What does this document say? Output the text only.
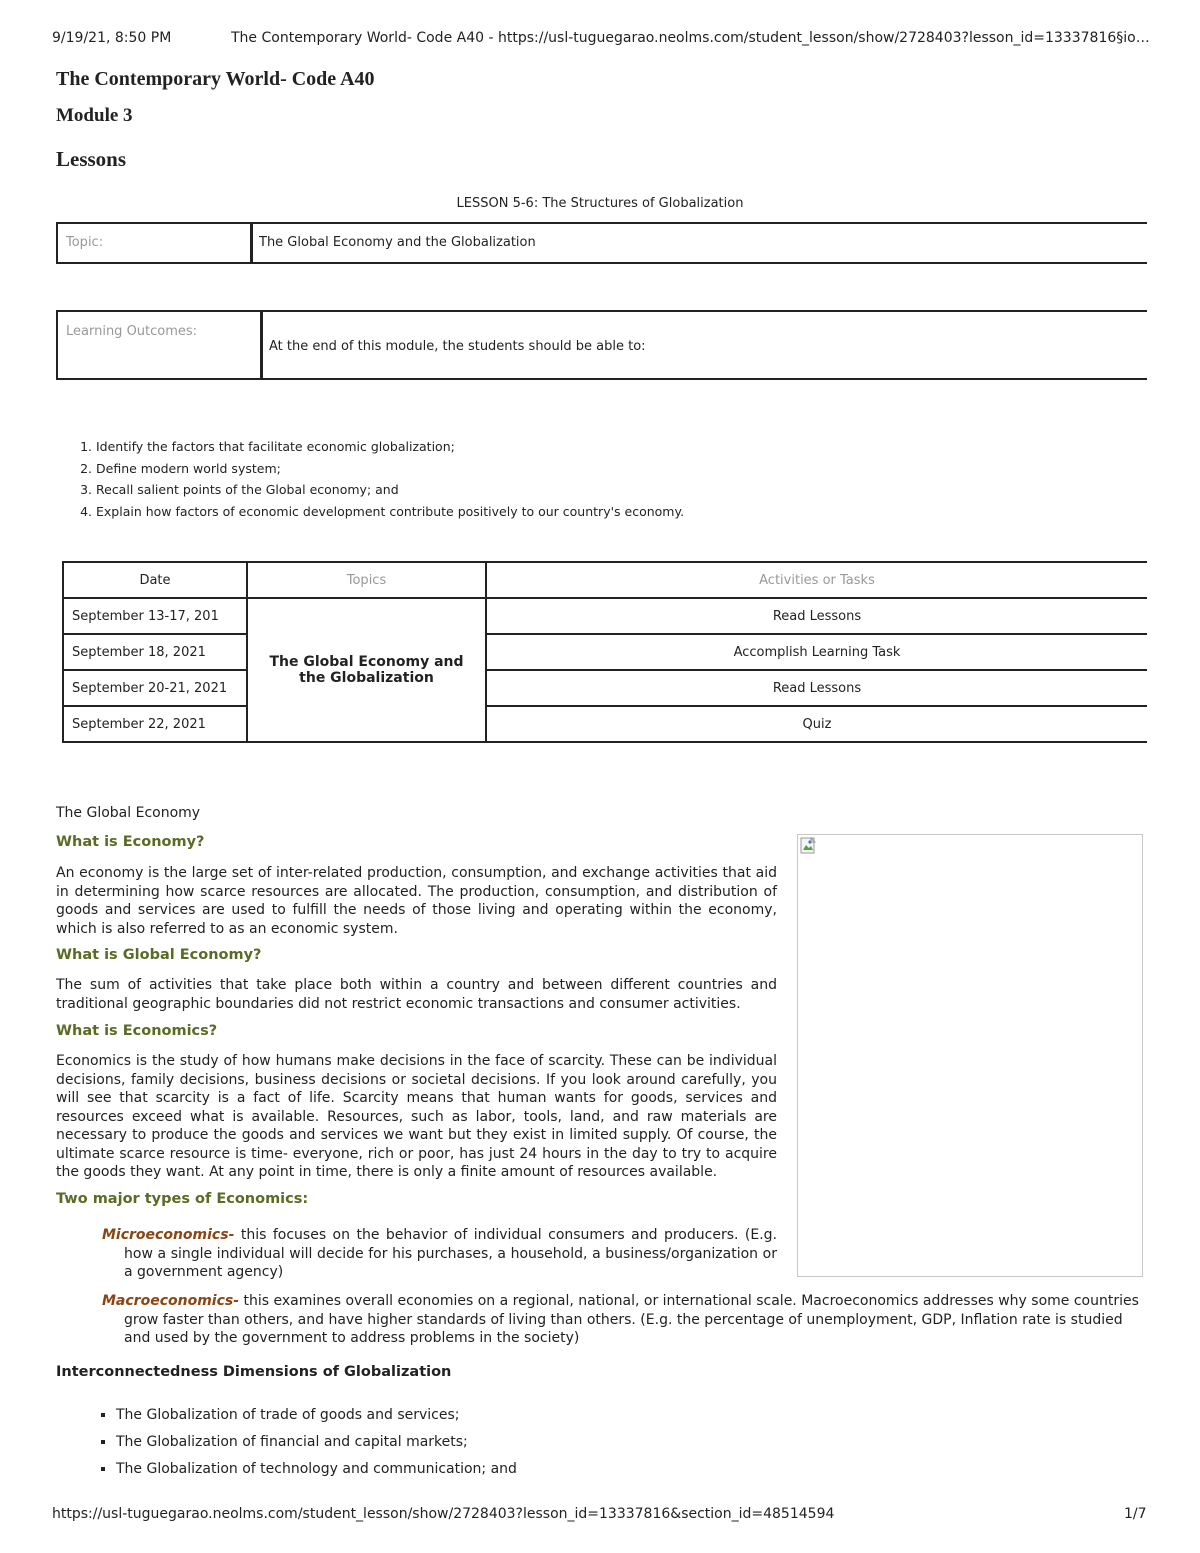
9/19/21, 8:50 PM	The Contemporary World- Code A40 - https://usl-tuguegarao.neolms.com/student_lesson/show/2728403?lesson_id=13337816§io…
The Contemporary World- Code A40
Module 3
Lessons
LESSON 5-6: The Structures of Globalization
Topic:	The Global Economy and the Globalization
Learning Outcomes:
At the end of this module, the students should be able to:
1. Identify the factors that facilitate economic globalization;
2. Define modern world system;
3. Recall salient points of the Global economy; and
4. Explain how factors of economic development contribute positively to our country's economy.
Date	Topics	Activities or Tasks
September 13-17, 201	The Global Economy and the Globalization	Read Lessons
September 18, 2021		Accomplish Learning Task
September 20-21, 2021		Read Lessons
September 22, 2021		Quiz
The Global Economy
What is Economy?
An economy is the large set of inter-related production, consumption, and exchange activities that aid in determining how scarce resources are allocated. The production, consumption, and distribution of goods and services are used to fulfill the needs of those living and operating within the economy, which is also referred to as an economic system.
What is Global Economy?
The sum of activities that take place both within a country and between different countries and traditional geographic boundaries did not restrict economic transactions and consumer activities.
What is Economics?
Economics is the study of how humans make decisions in the face of scarcity. These can be individual decisions, family decisions, business decisions or societal decisions. If you look around carefully, you will see that scarcity is a fact of life. Scarcity means that human wants for goods, services and resources exceed what is available. Resources, such as labor, tools, land, and raw materials are necessary to produce the goods and services we want but they exist in limited supply. Of course, the ultimate scarce resource is time- everyone, rich or poor, has just 24 hours in the day to try to acquire the goods they want. At any point in time, there is only a finite amount of resources available.
Two major types of Economics:
Microeconomics- this focuses on the behavior of individual consumers and producers. (E.g. how a single individual will decide for his purchases, a household, a business/organization or a government agency)
Macroeconomics- this examines overall economies on a regional, national, or international scale. Macroeconomics addresses why some countries grow faster than others, and have higher standards of living than others. (E.g. the percentage of unemployment, GDP, Inflation rate is studied and used by the government to address problems in the society)
Interconnectedness Dimensions of Globalization
▪ The Globalization of trade of goods and services;
▪ The Globalization of financial and capital markets;
▪ The Globalization of technology and communication; and
https://usl-tuguegarao.neolms.com/student_lesson/show/2728403?lesson_id=13337816&section_id=48514594	1/7
